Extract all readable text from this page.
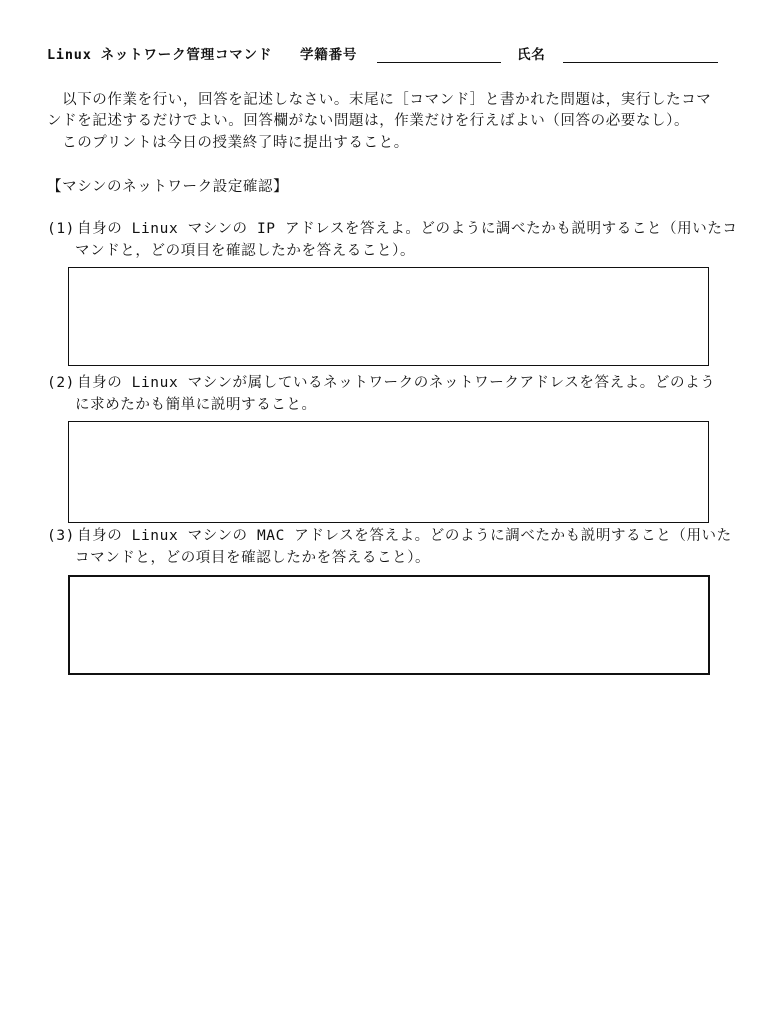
Linux ネットワーク管理コマンド 学籍番号	氏名
　以下の作業を行い，回答を記述しなさい。末尾に［コマンド］と書かれた問題は，実行したコマ
ンドを記述するだけでよい。回答欄がない問題は，作業だけを行えばよい（回答の必要なし）。
　このプリントは今日の授業終了時に提出すること。
【マシンのネットワーク設定確認】
(1) 自身の Linux マシンの IP アドレスを答えよ。どのように調べたかも説明すること（用いたコ
マンドと，どの項目を確認したかを答えること）。
(2) 自身の Linux マシンが属しているネットワークのネットワークアドレスを答えよ。どのよう
に求めたかも簡単に説明すること。
(3) 自身の Linux マシンの MAC アドレスを答えよ。どのように調べたかも説明すること（用いた
コマンドと，どの項目を確認したかを答えること）。
